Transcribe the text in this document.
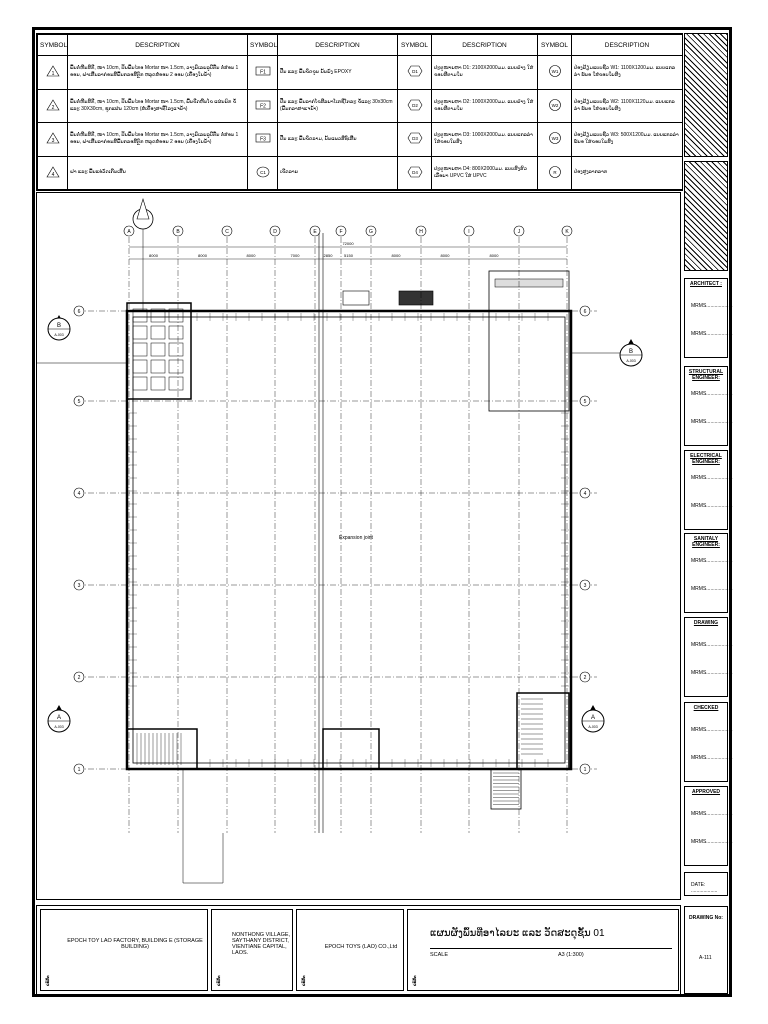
SYMBOL	DESCRIPTION	SYMBOL	DESCRIPTION	SYMBOL	DESCRIPTION	SYMBOL	DESCRIPTION

1	ພື້ນກໍ່ຫີນສິກີ, ໜາ 10cm, ປັ້ນພື້ນໄກອ Mortar ໜາ 1.5cm, ວາງຍິເລຍລູບີຕື່ນ ກໍ່ສ່ອນ 1 ອອນ, ຝາເສີ້ນລາກ່ອນສີພື້ນກລອສີຕຼິກ ຫລຸດສໍອອນ 2 ອອນ (ເຄື່ອງໃນນ້ຳ)	F1	ປື້ນ ແລະ ພື້ນຂິດຂູນ ນັ້ນຍັງ EPOXY	D1	ປະຕູໝາຍຫາ D1: 2100X2000ມມ. ແບບຢ່າງ ໃສ່ຂອບສີຕາມໃນ	W1	ປ່ອງຢ້ຽມແບບຊີວ W1: 1100X1200ມມ. ແບບແກລລ່າ ພ໌ນອ ໃສ່ຂອບໃຍສິງ

2	ພື້ນກໍ່ຫີນສິກີ, ໜາ 10cm, ປັ້ນພື້ນໄກອ Mortar ໜາ 1.5cm, ພື້ນຂີດຫີນໂຂ ແຜ່ນຍົກ ຂໍ້ແລະ 30X30cm, ຊຸກແຜ່ນ 120cm (ສໍເຄື່ອງສາທີ່ໂລງແຈນ້ຳ)	F2	ປື້ນ ແລະ ພື້ນລາກ່ໂຂສີລຍາໂເກຊີໂຕລະ ຂໍ້ແລະ 30x30cm (ພື້ນກລາສາແຈນ້ຳ)	D2	ປະຕູໝາຍຫາ D2: 1000X2000ມມ. ແບບຢ່າງ ໃສ່ຂອບສີຕາມໃນ	W2	ປ່ອງຢ້ຽມແບບຊີວ W2: 1100X1120ມມ. ແບບແກລລ່າ ພ໌ນອ ໃສ່ຂອບໃຍສິງ

3	ພື້ນກໍ່ຫີນສິກີ, ໜາ 10cm, ປັ້ນພື້ນໄກອ Mortar ໜາ 1.5cm, ວາງຍິເລຍລູບີຕື່ນ ກໍ່ສ່ອນ 1 ອອນ, ຝາເສີ້ນລາກ່ອນສີພື້ນກລອສີຕຼິກ ຫລຸດສໍອອນ 2 ອອນ (ເຄື່ອງໃນນ້ຳ)	F3	ປື້ນ ແລະ ພື້ນຂິດລາມ, ນັ້ນແພວສີທິເສີ້ນ	D3	ປະຕູໝາຍຫາ D3: 1000X2000ມມ. ແບບແກລລ່າ ໃສ່ຂອບໃຍສິງ	W3	ປ່ອງຢ້ຽມແບບຊີວ W3: 500X1200ມມ. ແບບແກລລ່າ ພ໌ນອ ໃສ່ຂອບໃຍສິງ

4	ຝາ ແລະ ພື້ນແອ່ວັດເກີນເສີ້ນ	C1	ເຂີດລາຍ	D4	ປະຕູໝາຍຫາ D4: 800X2000ມມ. ແບບສົ່ງສົວເລືອຍາ UPVC ໃສ່ UPVC	R	ປ່ອງສູງລາກລາກ
ARCHITECT :
MRMS...................
MRMS...................
STRUCTURAL ENGINEER:
MRMS...................
MRMS...................
ELECTRICAL ENGINEER:
MRMS...................
MRMS...................
SANITALY ENGINEER:
MRMS...................
MRMS...................
DRAWING
MRMS...................
MRMS...................
CHECKED
MRMS...................
MRMS...................
APPROVED
MRMS...................
MRMS...................
DATE: ...................
DRAWING No:
A-111
A	B	C	D	E	F	G	H	I	J	K
6	6
5	5
4	4
3	3
2	2
1	1
8000	8000	8000	7000	2850	5150	8000	8000	8000
72000
Expansion joint
B
A-003
B
A-003
A
A-003
A
A-003
ບໍລິສັດ
EPOCH TOY LAO FACTORY, BUILDING E (STORAGE BUILDING)
ບໍລິສັດ
NONTHONG VILLAGE, SAYTHANY DISTRICT, VIENTIANE CAPITAL, LAOS.
ບໍລິສັດ
EPOCH TOYS (LAO) CO.,Ltd
ບໍລິສັດ
ແຜນຜັງພຶ້ນທີ່ອາໄລຍະ ແລະ ວັດສະດຸຊັ້ນ 01
SCALE	A3 (1:300)
